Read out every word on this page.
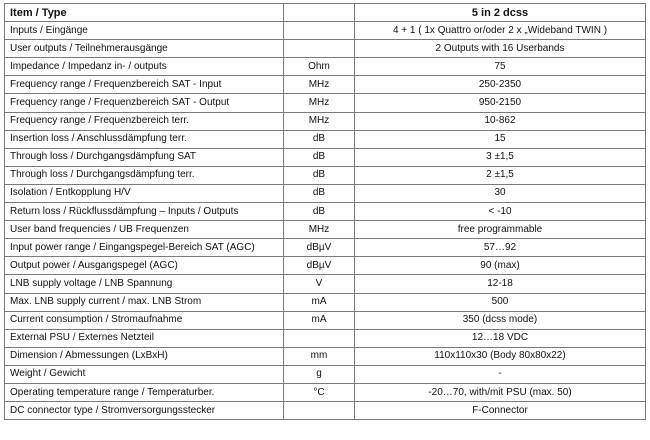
Item / Type		5 in 2 dcss
Inputs / Eingänge		4 + 1 ( 1x Quattro or/oder 2 x „Wideband TWIN )
User outputs / Teilnehmerausgänge		2 Outputs with 16 Userbands
Impedance / Impedanz in- / outputs	Ohm	75
Frequency range / Frequenzbereich SAT - Input	MHz	250-2350
Frequency range / Frequenzbereich SAT - Output	MHz	950-2150
Frequency range / Frequenzbereich terr.	MHz	10-862
Insertion loss / Anschlussdämpfung terr.	dB	15
Through loss / Durchgangsdämpfung SAT	dB	3 ±1,5
Through loss / Durchgangsdämpfung terr.	dB	2 ±1,5
Isolation / Entkopplung H/V	dB	30
Return loss / Rückflussdämpfung – Inputs / Outputs	dB	< -10
User band frequencies / UB Frequenzen	MHz	free programmable
Input power range / Eingangspegel-Bereich SAT (AGC)	dBµV	57…92
Output power / Ausgangspegel (AGC)	dBµV	90 (max)
LNB supply voltage / LNB Spannung	V	12-18
Max. LNB supply current / max. LNB Strom	mA	500
Current consumption / Stromaufnahme	mA	350 (dcss mode)
External PSU / Externes Netzteil		12…18 VDC
Dimension / Abmessungen (LxBxH)	mm	110x110x30 (Body 80x80x22)
Weight / Gewicht	g	-
Operating temperature range / Temperaturber.	°C	-20…70, with/mit PSU (max. 50)
DC connector type / Stromversorgungsstecker		F-Connector
